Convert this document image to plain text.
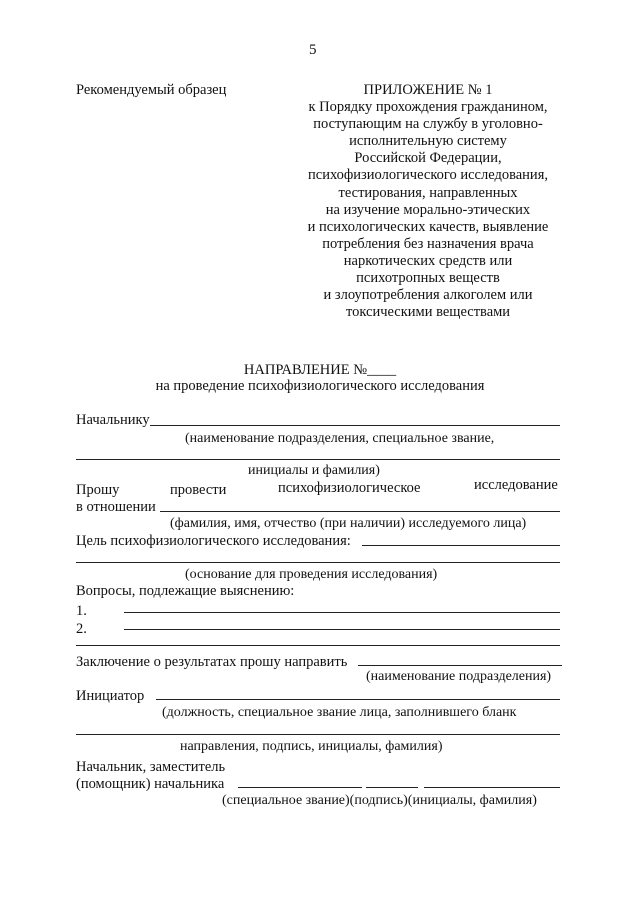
5
Рекомендуемый образец	ПРИЛОЖЕНИЕ № 1
к Порядку прохождения гражданином,
поступающим на службу в уголовно-
исполнительную систему
Российской Федерации,
психофизиологического исследования,
тестирования, направленных
на изучение морально-этических
и психологических качеств, выявление
потребления без назначения врача
наркотических средств или
психотропных веществ
и злоупотребления алкоголем или
токсическими веществами
НАПРАВЛЕНИЕ №____
на проведение психофизиологического исследования
Начальнику
(наименование подразделения, специальное звание,
инициалы и фамилия)
Прошу	провести	психофизиологическое	исследование
в отношении
(фамилия, имя, отчество (при наличии) исследуемого лица)
Цель психофизиологического исследования:
(основание для проведения исследования)
Вопросы, подлежащие выяснению:
1.
2.
Заключение о результатах прошу направить
(наименование подразделения)
Инициатор
(должность, специальное звание лица, заполнившего бланк
направления, подпись, инициалы, фамилия)
Начальник, заместитель
(помощник) начальника
(специальное звание)(подпись)(инициалы, фамилия)
